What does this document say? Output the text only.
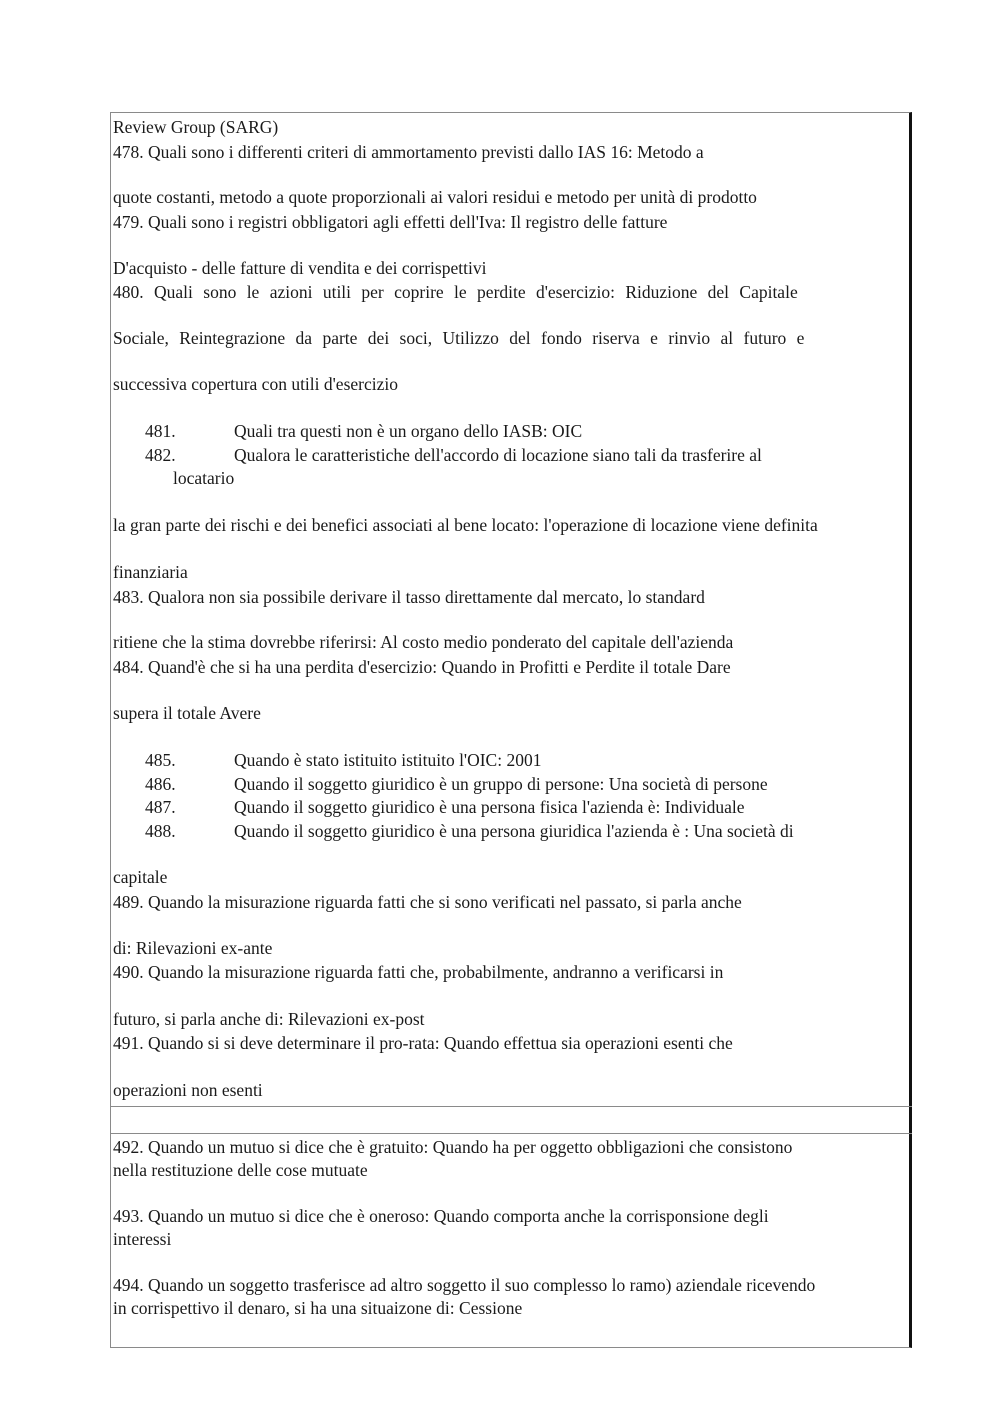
Review Group (SARG)
478. Quali sono i differenti criteri di ammortamento previsti dallo IAS 16: Metodo a
quote costanti, metodo a quote proporzionali ai valori residui e metodo per unità di prodotto
479. Quali sono i registri obbligatori agli effetti dell'Iva: Il registro delle fatture
D'acquisto - delle fatture di vendita e dei corrispettivi
480. Quali sono le azioni utili per coprire le perdite d'esercizio: Riduzione del Capitale
Sociale, Reintegrazione da parte dei soci, Utilizzo del fondo riserva e rinvio al futuro e
successiva copertura con utili d'esercizio
481.	Quali tra questi non è un organo dello IASB: OIC
482.	Qualora le caratteristiche dell'accordo di locazione siano tali da trasferire al
locatario
la gran parte dei rischi e dei benefici associati al bene locato: l'operazione di locazione viene definita
finanziaria
483. Qualora non sia possibile derivare il tasso direttamente dal mercato, lo standard
ritiene che la stima dovrebbe riferirsi: Al costo medio ponderato del capitale dell'azienda
484. Quand'è che si ha una perdita d'esercizio: Quando in Profitti e Perdite il totale Dare
supera il totale Avere
485.	Quando è stato istituito istituito l'OIC: 2001
486.	Quando il soggetto giuridico è un gruppo di persone: Una società di persone
487.	Quando il soggetto giuridico è una persona fisica l'azienda è: Individuale
488.	Quando il soggetto giuridico è una persona giuridica l'azienda è : Una società di
capitale
489. Quando la misurazione riguarda fatti che si sono verificati nel passato, si parla anche
di: Rilevazioni ex-ante
490. Quando la misurazione riguarda fatti che, probabilmente, andranno a verificarsi in
futuro, si parla anche di: Rilevazioni ex-post
491. Quando si si deve determinare il pro-rata: Quando effettua sia operazioni esenti che
operazioni non esenti
492. Quando un mutuo si dice che è gratuito: Quando ha per oggetto obbligazioni che consistono
nella restituzione delle cose mutuate
493. Quando un mutuo si dice che è oneroso: Quando comporta anche la corrisponsione degli
interessi
494. Quando un soggetto trasferisce ad altro soggetto il suo complesso lo ramo) aziendale ricevendo
in corrispettivo il denaro, si ha una situaizone di: Cessione
